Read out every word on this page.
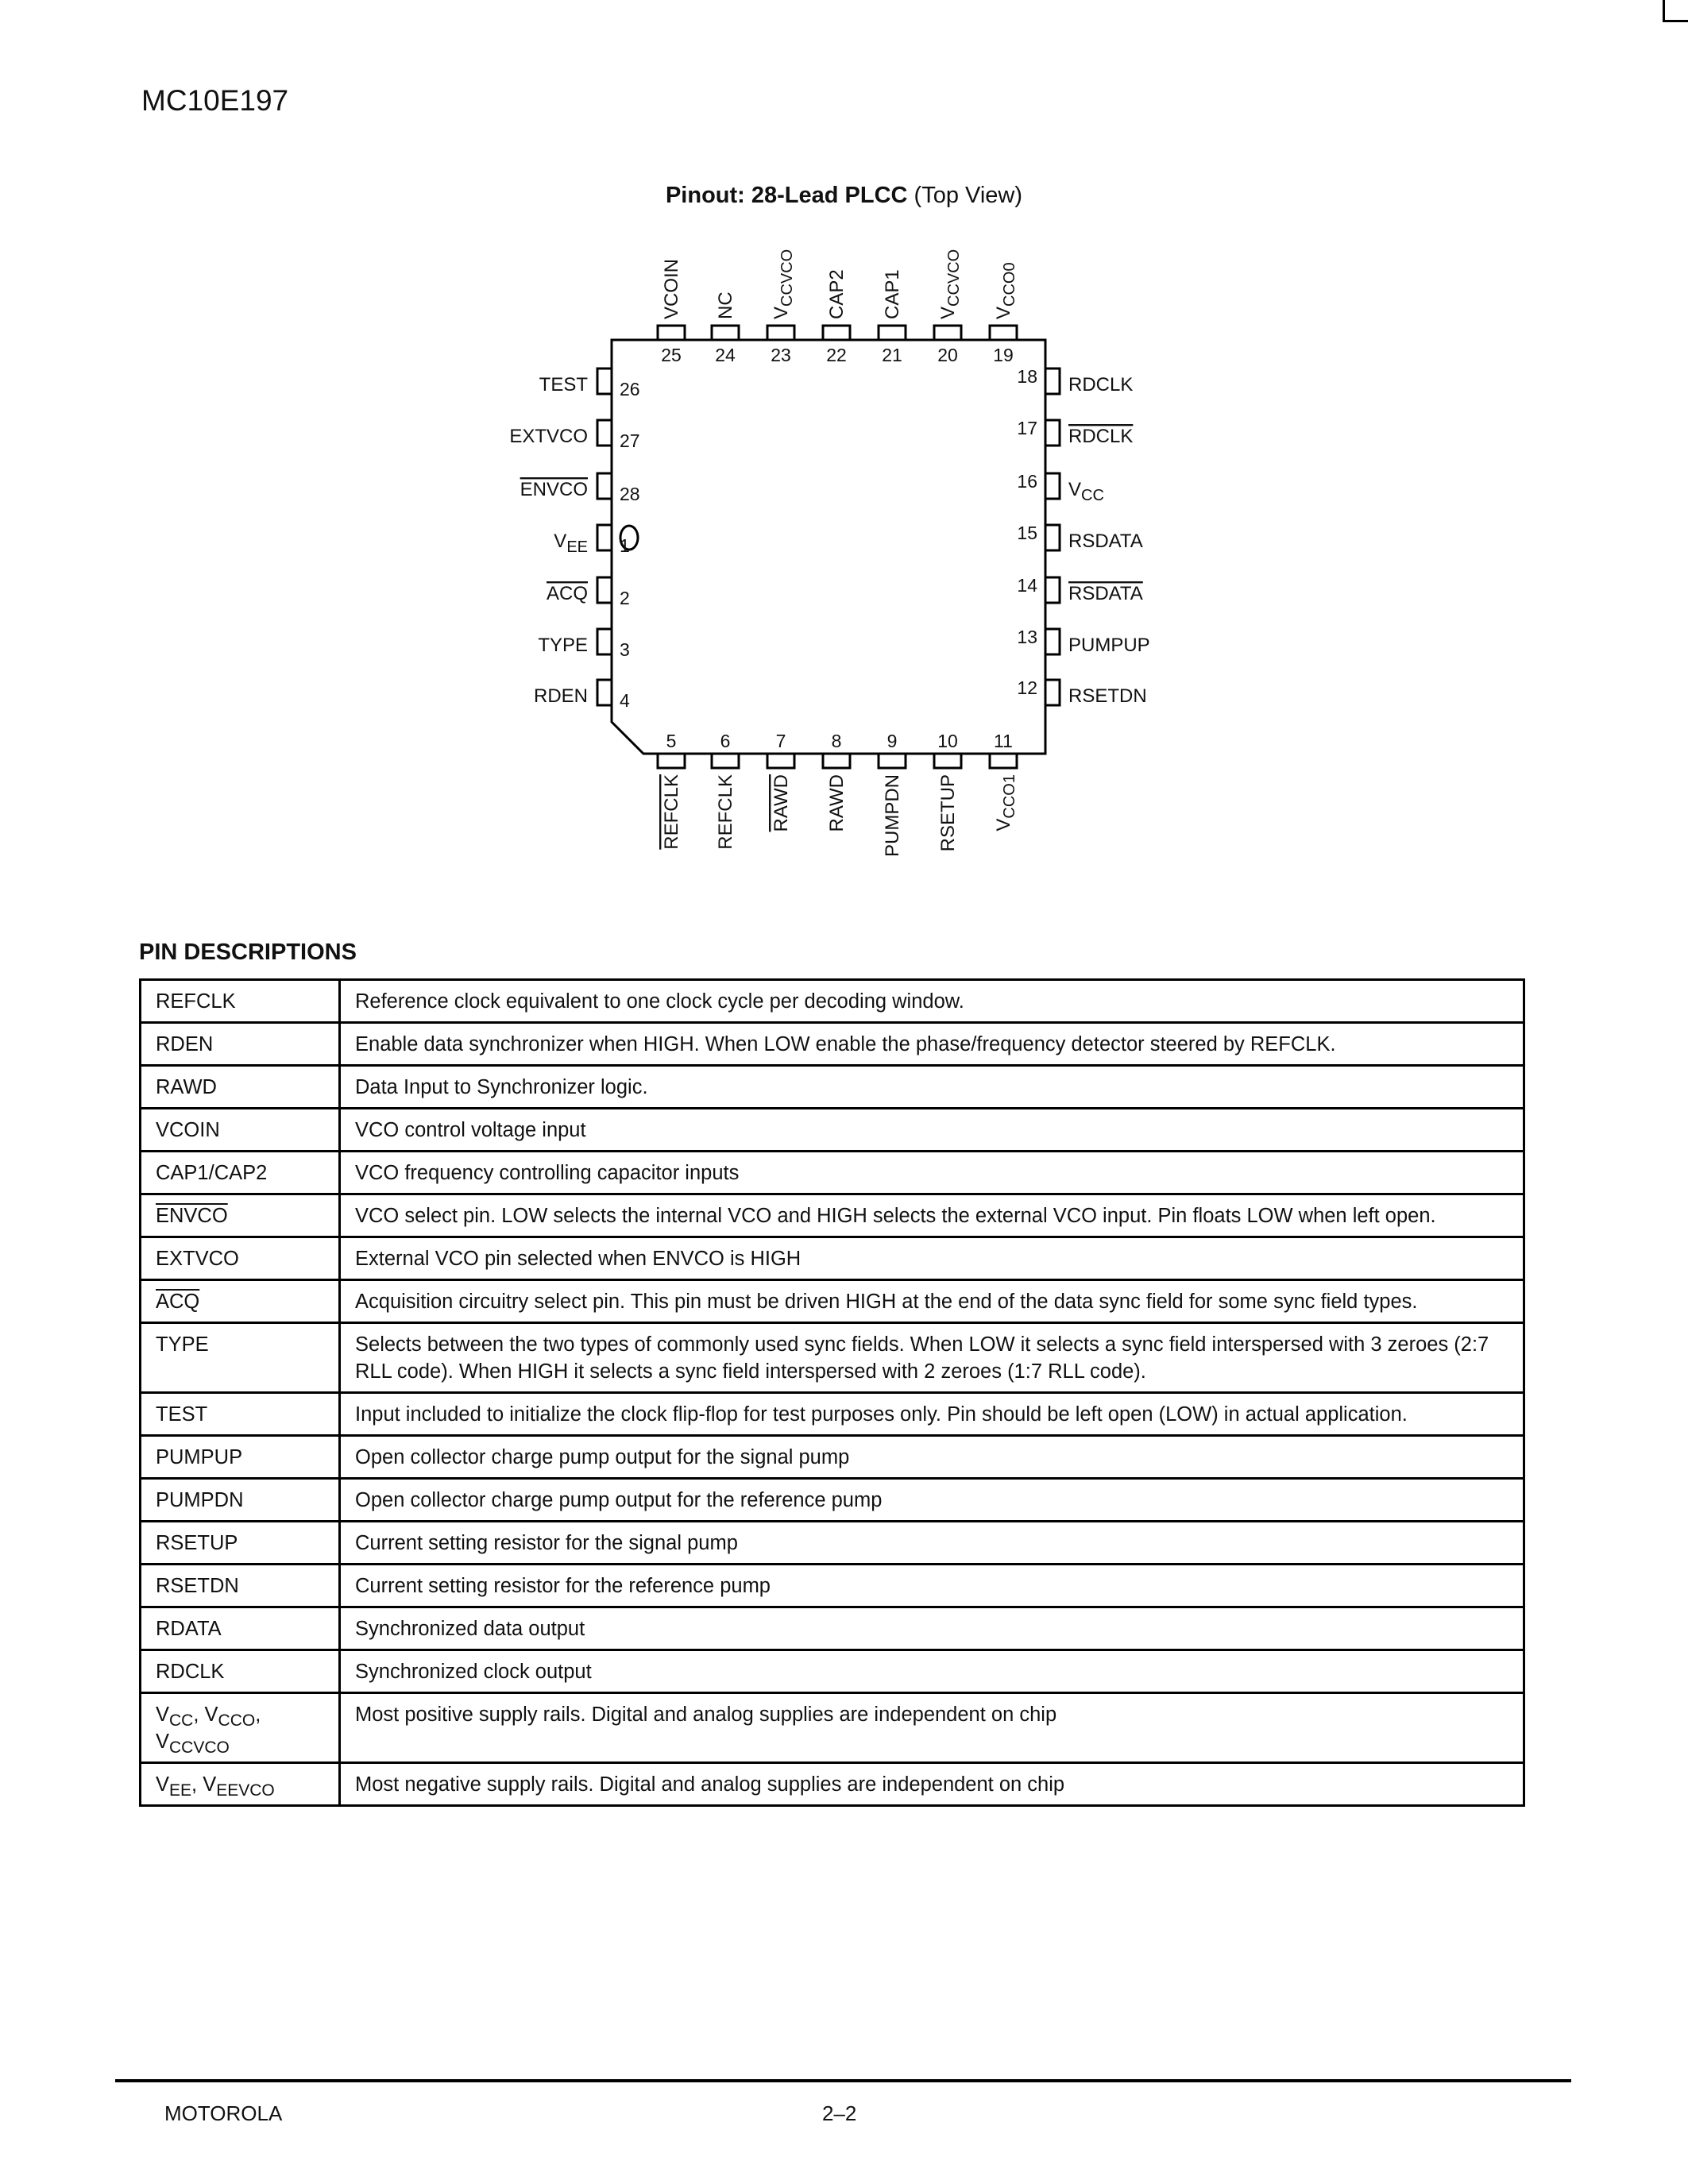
MC10E197
Pinout: 28-Lead PLCC (Top View)
25
VCOIN
24
NC
23
$V_{CCVCO}$
22
CAP2
21
CAP1
20
$V_{CCVCO}$
19
$V_{CCO0}$
5
REFCLK
6
REFCLK
7
RAWD
8
RAWD
9
PUMPDN
10
RSETUP
11
$V_{CCO1}$
26
TEST
27
EXTVCO
28
ENVCO
1
$V_{EE}$
2
ACQ
3
TYPE
4
RDEN
18 RDCLK
17 RDCLK
16 $V_{CC}$
15 RSDATA
14 RSDATA
13 PUMPUP
12 RSETDN
PIN DESCRIPTIONS
REFCLK	Reference clock equivalent to one clock cycle per decoding window.
RDEN	Enable data synchronizer when HIGH. When LOW enable the phase/frequency detector steered by REFCLK.
RAWD	Data Input to Synchronizer logic.
VCOIN	VCO control voltage input
CAP1/CAP2	VCO frequency controlling capacitor inputs
ENVCO	VCO select pin. LOW selects the internal VCO and HIGH selects the external VCO input. Pin floats LOW when left open.
EXTVCO	External VCO pin selected when ENVCO is HIGH
$\overline{ACQ}$	Acquisition circuitry select pin. This pin must be driven HIGH at the end of the data sync field for some sync field types.
TYPE	Selects between the two types of commonly used sync fields. When LOW it selects a sync field interspersed with 3 zeroes (2:7 RLL code). When HIGH it selects a sync field interspersed with 2 zeroes (1:7 RLL code).
TEST	Input included to initialize the clock flip-flop for test purposes only. Pin should be left open (LOW) in actual application.
PUMPUP	Open collector charge pump output for the signal pump
PUMPDN	Open collector charge pump output for the reference pump
RSETUP	Current setting resistor for the signal pump
RSETDN	Current setting resistor for the reference pump
RDATA	Synchronized data output
RDCLK	Synchronized clock output
$V_{CC}$, $V_{CCO}$,
$V_{CCVCO}$	Most positive supply rails. Digital and analog supplies are independent on chip
$V_{EE}$, $V_{EEVCO}$	Most negative supply rails. Digital and analog supplies are independent on chip
MOTOROLA	2–2
